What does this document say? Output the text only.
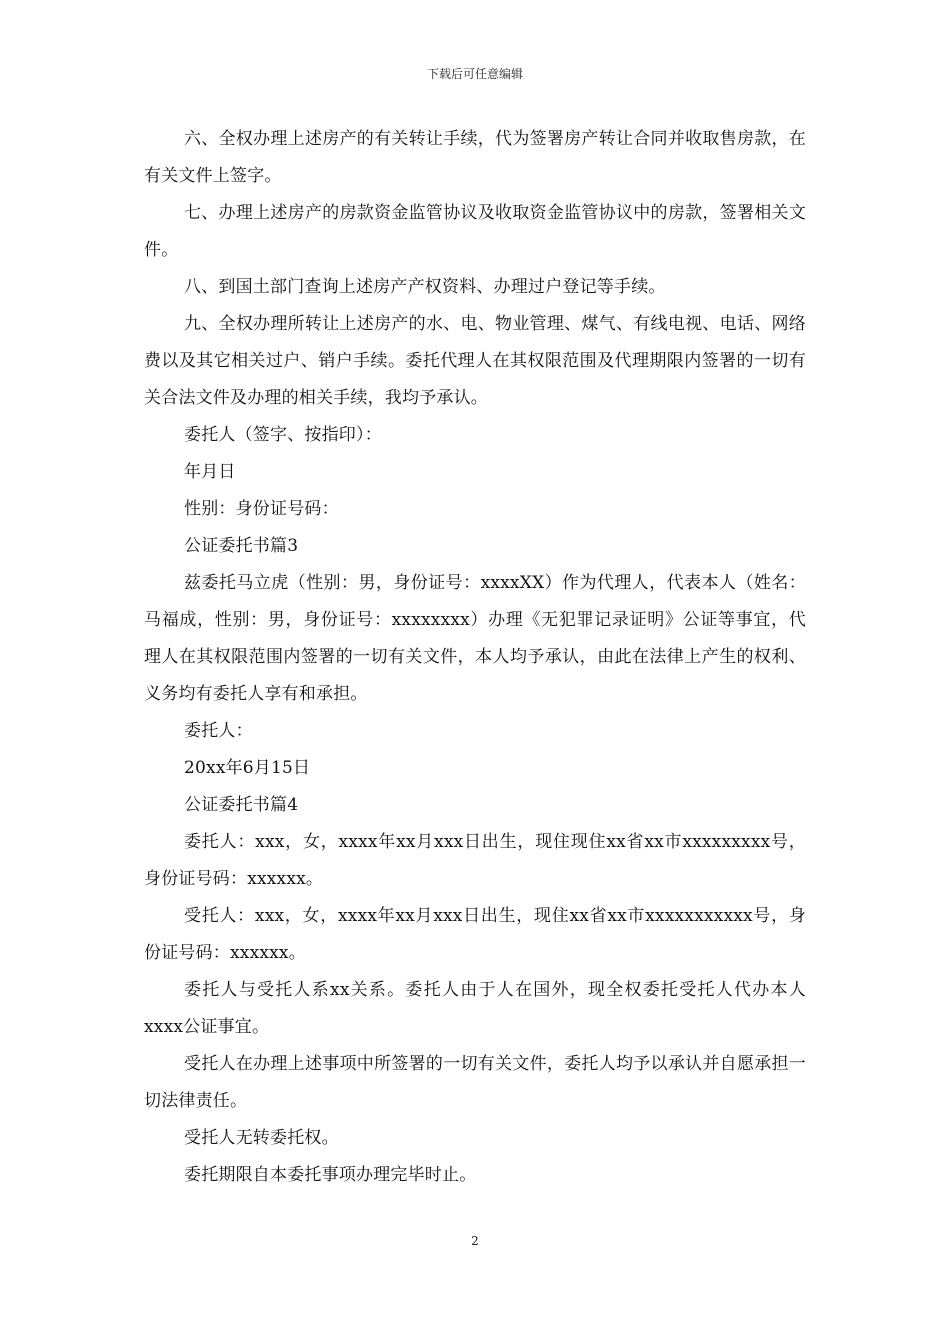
下载后可任意编辑

六、全权办理上述房产的有关转让手续，代为签署房产转让合同并收取售房款，在有关文件上签字。

七、办理上述房产的房款资金监管协议及收取资金监管协议中的房款，签署相关文件。

八、到国土部门查询上述房产产权资料、办理过户登记等手续。

九、全权办理所转让上述房产的水、电、物业管理、煤气、有线电视、电话、网络费以及其它相关过户、销户手续。委托代理人在其权限范围及代理期限内签署的一切有关合法文件及办理的相关手续，我均予承认。

委托人（签字、按指印）：

年月日

性别：身份证号码：

公证委托书篇3

兹委托马立虎（性别：男，身份证号：xxxxXX）作为代理人，代表本人（姓名：马福成，性别：男，身份证号：xxxxxxxx）办理《无犯罪记录证明》公证等事宜，代理人在其权限范围内签署的一切有关文件，本人均予承认，由此在法律上产生的权利、义务均有委托人享有和承担。

委托人：

20xx年6月15日

公证委托书篇4

委托人：xxx，女，xxxx年xx月xxx日出生，现住现住xx省xx市xxxxxxxxx号，身份证号码：xxxxxx。

受托人：xxx，女，xxxx年xx月xxx日出生，现住xx省xx市xxxxxxxxxxx号，身份证号码：xxxxxx。

委托人与受托人系xx关系。委托人由于人在国外，现全权委托受托人代办本人xxxx公证事宜。

受托人在办理上述事项中所签署的一切有关文件，委托人均予以承认并自愿承担一切法律责任。

受托人无转委托权。

委托期限自本委托事项办理完毕时止。

2
